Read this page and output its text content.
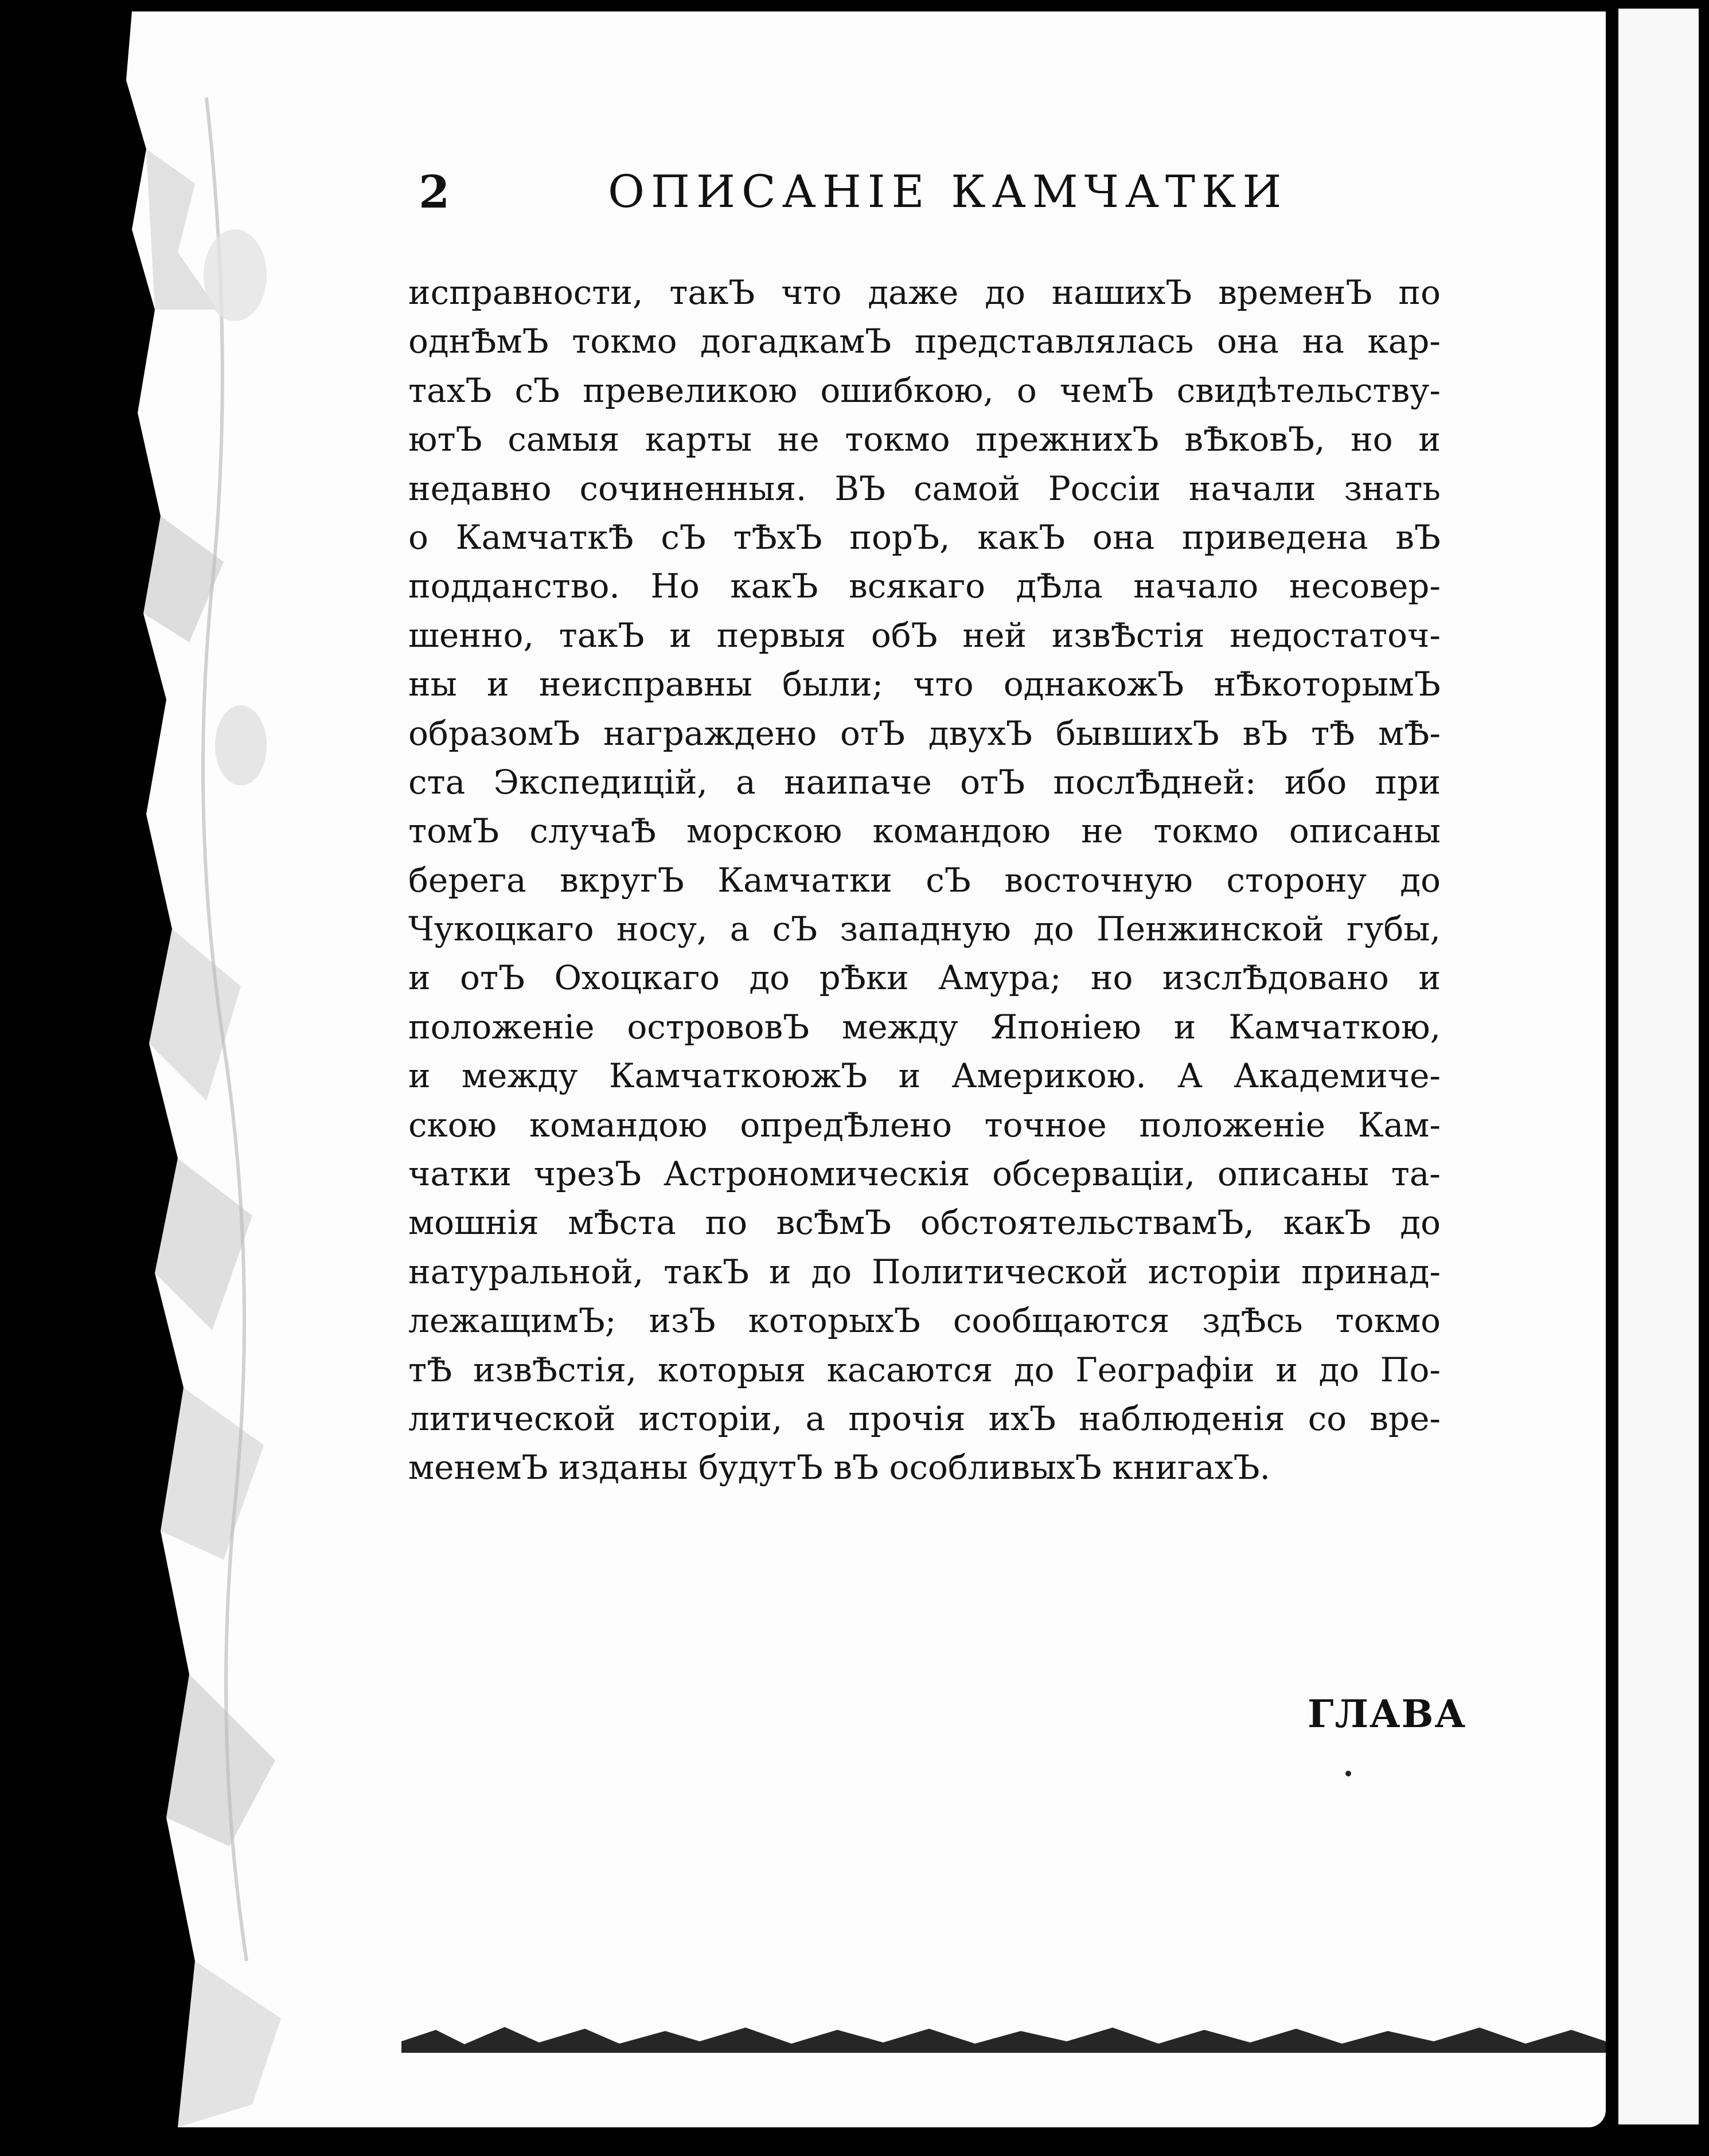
2	ОПИСАНІЕ КАМЧАТКИ
исправности, такЪ что даже до нашихЪ временЪ по
однѢмЪ токмо догадкамЪ представлялась она на кар-
тахЪ сЪ превеликою ошибкою, о чемЪ свидѣтельству-
ютЪ самыя карты не токмо прежнихЪ вѢковЪ, но и
недавно сочиненныя. ВЪ самой Россіи начали знать
о КамчаткѢ сЪ тѢхЪ порЪ, какЪ она приведена вЪ
подданство. Но какЪ всякаго дѢла начало несовер-
шенно, такЪ и первыя обЪ ней извѢстія недостаточ-
ны и неисправны были; что однакожЪ нѢкоторымЪ
образомЪ награждено отЪ двухЪ бывшихЪ вЪ тѢ мѢ-
ста Экспедицій, а наипаче отЪ послѢдней: ибо при
томЪ случаѢ морскою командою не токмо описаны
берега вкругЪ Камчатки сЪ восточную сторону до
Чукоцкаго носу, а сЪ западную до Пенжинской губы,
и отЪ Охоцкаго до рѢки Амура; но изслѢдовано и
положеніе острововЪ между Японіею и Камчаткою,
и между КамчаткоюжЪ и Америкою. А Академиче-
скою командою опредѢлено точное положеніе Кам-
чатки чрезЪ Астрономическія обсерваціи, описаны та-
мошнія мѢста по всѢмЪ обстоятельствамЪ, какЪ до
натуральной, такЪ и до Политической исторіи принад-
лежащимЪ; изЪ которыхЪ сообщаются здѢсь токмо
тѢ извѢстія, которыя касаются до Географіи и до По-
литической исторіи, а прочія ихЪ наблюденія со вре-
менемЪ изданы будутЪ вЪ особливыхЪ книгахЪ.
ГЛАВА
